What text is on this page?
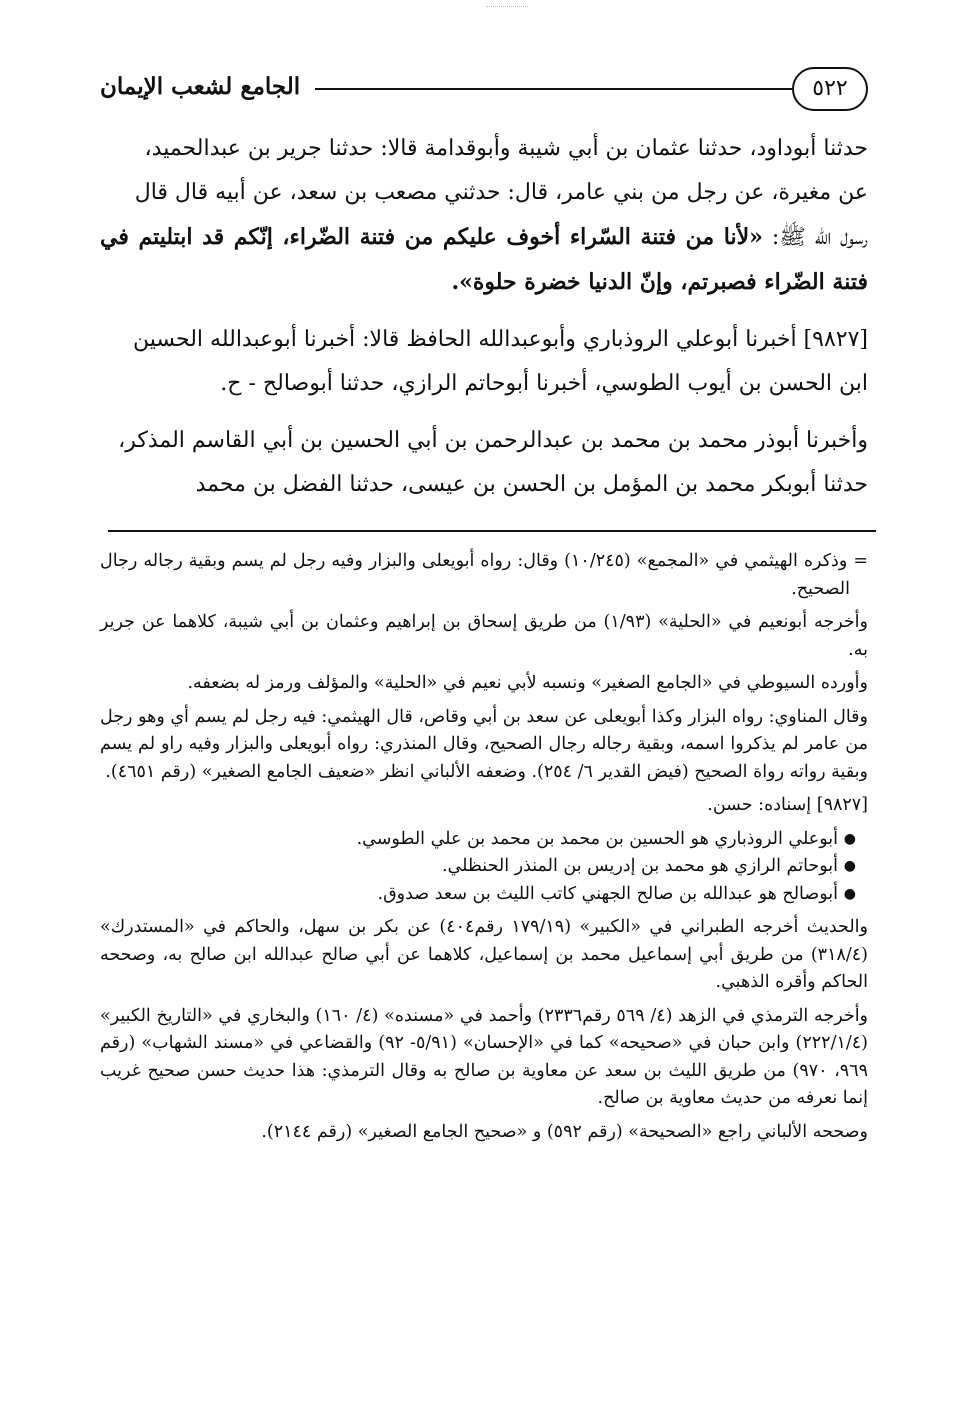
٥٢٢
الجامع لشعب الإيمان

حدثنا أبوداود، حدثنا عثمان بن أبي شيبة وأبوقدامة قالا: حدثنا جرير بن عبدالحميد،

عن مغيرة، عن رجل من بني عامر، قال: حدثني مصعب بن سعد، عن أبيه قال قال

رسول الله ﷺ: «لأنا من فتنة السّراء أخوف عليكم من فتنة الضّراء، إنّكم قد ابتليتم في فتنة الضّراء فصبرتم، وإنّ الدنيا خضرة حلوة».

[٩٨٢٧] أخبرنا أبوعلي الروذباري وأبوعبدالله الحافظ قالا: أخبرنا أبوعبدالله الحسين

ابن الحسن بن أيوب الطوسي، أخبرنا أبوحاتم الرازي، حدثنا أبوصالح - ح.

وأخبرنا أبوذر محمد بن محمد بن عبدالرحمن بن أبي الحسين بن أبي القاسم المذكر،

حدثنا أبوبكر محمد بن المؤمل بن الحسن بن عيسى، حدثنا الفضل بن محمد

= وذكره الهيثمي في «المجمع» (١٠/٢٤٥) وقال: رواه أبويعلى والبزار وفيه رجل لم يسم وبقية رجاله رجال الصحيح.

وأخرجه أبونعيم في «الحلية» (١/٩٣) من طريق إسحاق بن إبراهيم وعثمان بن أبي شيبة، كلاهما عن جرير به.

وأورده السيوطي في «الجامع الصغير» ونسبه لأبي نعيم في «الحلية» والمؤلف ورمز له بضعفه.

وقال المناوي: رواه البزار وكذا أبويعلى عن سعد بن أبي وقاص، قال الهيثمي: فيه رجل لم يسم أي وهو رجل من عامر لم يذكروا اسمه، وبقية رجاله رجال الصحيح، وقال المنذري: رواه أبويعلى والبزار وفيه راو لم يسم وبقية رواته رواة الصحيح (فيض القدير ٦/ ٢٥٤). وضعفه الألباني انظر «ضعيف الجامع الصغير» (رقم ٤٦٥١).

[٩٨٢٧] إسناده: حسن.

●
أبوعلي الروذباري هو الحسين بن محمد بن محمد بن علي الطوسي.

●
أبوحاتم الرازي هو محمد بن إدريس بن المنذر الحنظلي.

●
أبوصالح هو عبدالله بن صالح الجهني كاتب الليث بن سعد صدوق.

والحديث أخرجه الطبراني في «الكبير» (١٧٩/١٩ رقم٤٠٤) عن بكر بن سهل، والحاكم في «المستدرك» (٣١٨/٤) من طريق أبي إسماعيل محمد بن إسماعيل، كلاهما عن أبي صالح عبدالله ابن صالح به، وصححه الحاكم وأقره الذهبي.

وأخرجه الترمذي في الزهد (٤/ ٥٦٩ رقم٢٣٣٦) وأحمد في «مسنده» (٤/ ١٦٠) والبخاري في «التاريخ الكبير» (٢٢٢/١/٤) وابن حبان في «صحيحه» كما في «الإحسان» (٥/٩١- ٩٢) والقضاعي في «مسند الشهاب» (رقم ٩٦٩، ٩٧٠) من طريق الليث بن سعد عن معاوية بن صالح به وقال الترمذي: هذا حديث حسن صحيح غريب إنما نعرفه من حديث معاوية بن صالح.

وصححه الألباني راجع «الصحيحة» (رقم ٥٩٢) و «صحيح الجامع الصغير» (رقم ٢١٤٤).
